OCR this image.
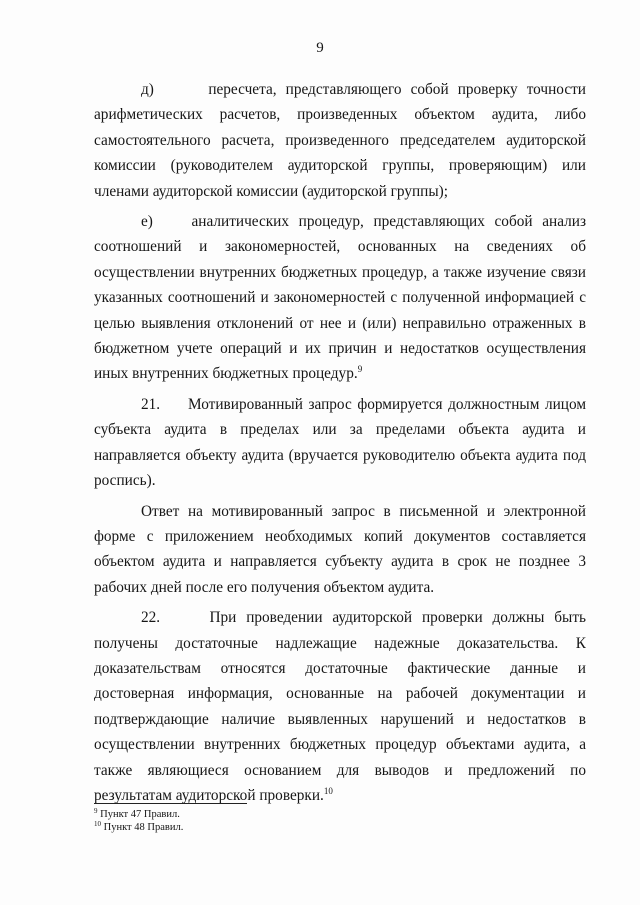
9

д)	пересчета, представляющего собой проверку точности арифметических расчетов, произведенных объектом аудита, либо самостоятельного расчета, произведенного председателем аудиторской комиссии (руководителем аудиторской группы, проверяющим) или членами аудиторской комиссии (аудиторской группы);

е)	аналитических процедур, представляющих собой анализ соотношений и закономерностей, основанных на сведениях об осуществлении внутренних бюджетных процедур, а также изучение связи указанных соотношений и закономерностей с полученной информацией с целью выявления отклонений от нее и (или) неправильно отраженных в бюджетном учете операций и их причин и недостатков осуществления иных внутренних бюджетных процедур.$^9$

21. Мотивированный запрос формируется должностным лицом субъекта аудита в пределах или за пределами объекта аудита и направляется объекту аудита (вручается руководителю объекта аудита под роспись).

Ответ на мотивированный запрос в письменной и электронной форме с приложением необходимых копий документов составляется объектом аудита и направляется субъекту аудита в срок не позднее 3 рабочих дней после его получения объектом аудита.

22.	При проведении аудиторской проверки должны быть получены достаточные надлежащие надежные доказательства. К доказательствам относятся достаточные фактические данные и достоверная информация, основанные на рабочей документации и подтверждающие наличие выявленных нарушений и недостатков в осуществлении внутренних бюджетных процедур объектами аудита, а также являющиеся основанием для выводов и предложений по результатам аудиторской проверки.$^{10}$

$^9$ Пункт 47 Правил.
$^{10}$ Пункт 48 Правил.
